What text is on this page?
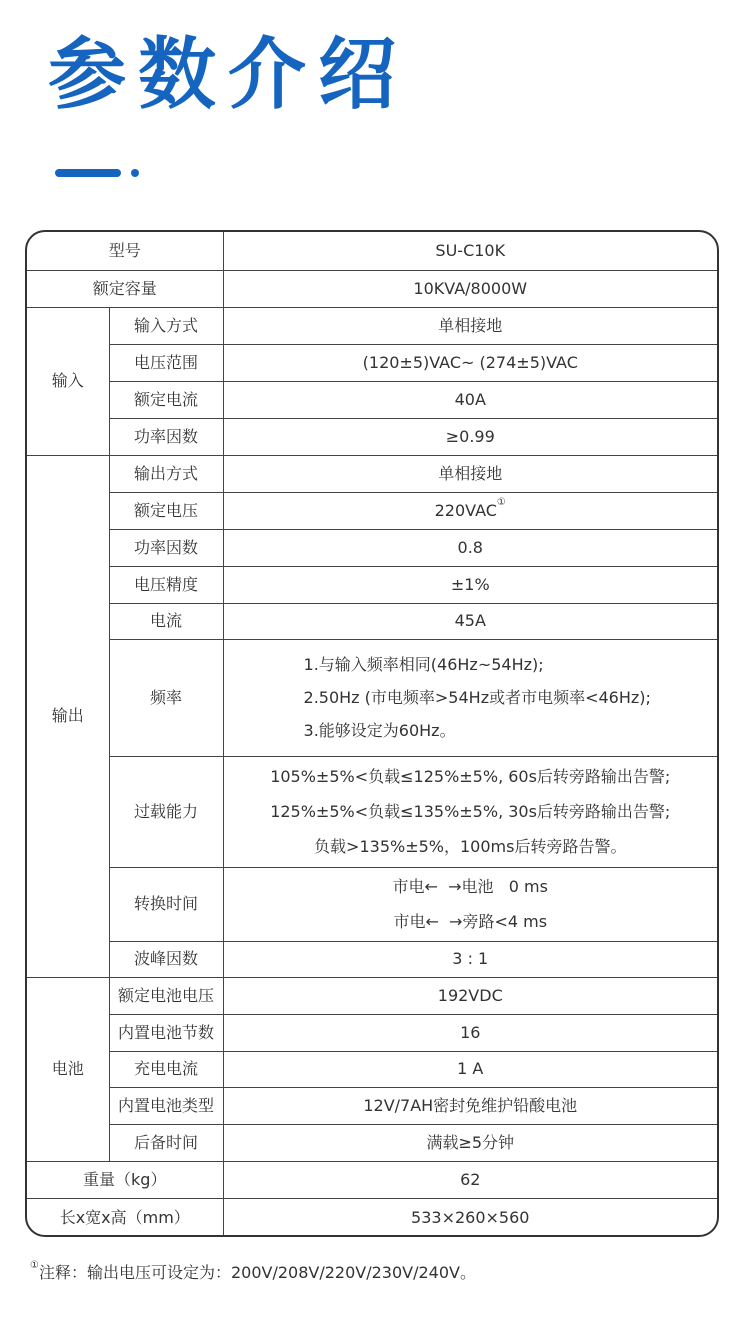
参数介绍
型号		SU-C10K
额定容量		10KVA/8000W
输入	输入方式	单相接地
	电压范围	(120±5)VAC~ (274±5)VAC
	额定电流	40A
	功率因数	≥0.99
输出	输出方式	单相接地
	额定电压	220VAC①
	功率因数	0.8
	电压精度	±1%
	电流	45A
	频率	1.与输入频率相同(46Hz~54Hz);
2.50Hz (市电频率>54Hz或者市电频率<46Hz);
3.能够设定为60Hz。

	过载能力	105%±5%<负载≤125%±5%, 60s后转旁路输出告警;
125%±5%<负载≤135%±5%, 30s后转旁路输出告警;
负载>135%±5%，100ms后转旁路告警。

	转换时间	市电←  →电池   0 ms
市电←  →旁路<4 ms

	波峰因数	3 : 1
电池	额定电池电压	192VDC
	内置电池节数	16
	充电电流	1 A
	内置电池类型	12V/7AH密封免维护铅酸电池
	后备时间	满载≥5分钟
重量（kg）		62
长x宽x高（mm）		533×260×560
①注释：输出电压可设定为：200V/208V/220V/230V/240V。
